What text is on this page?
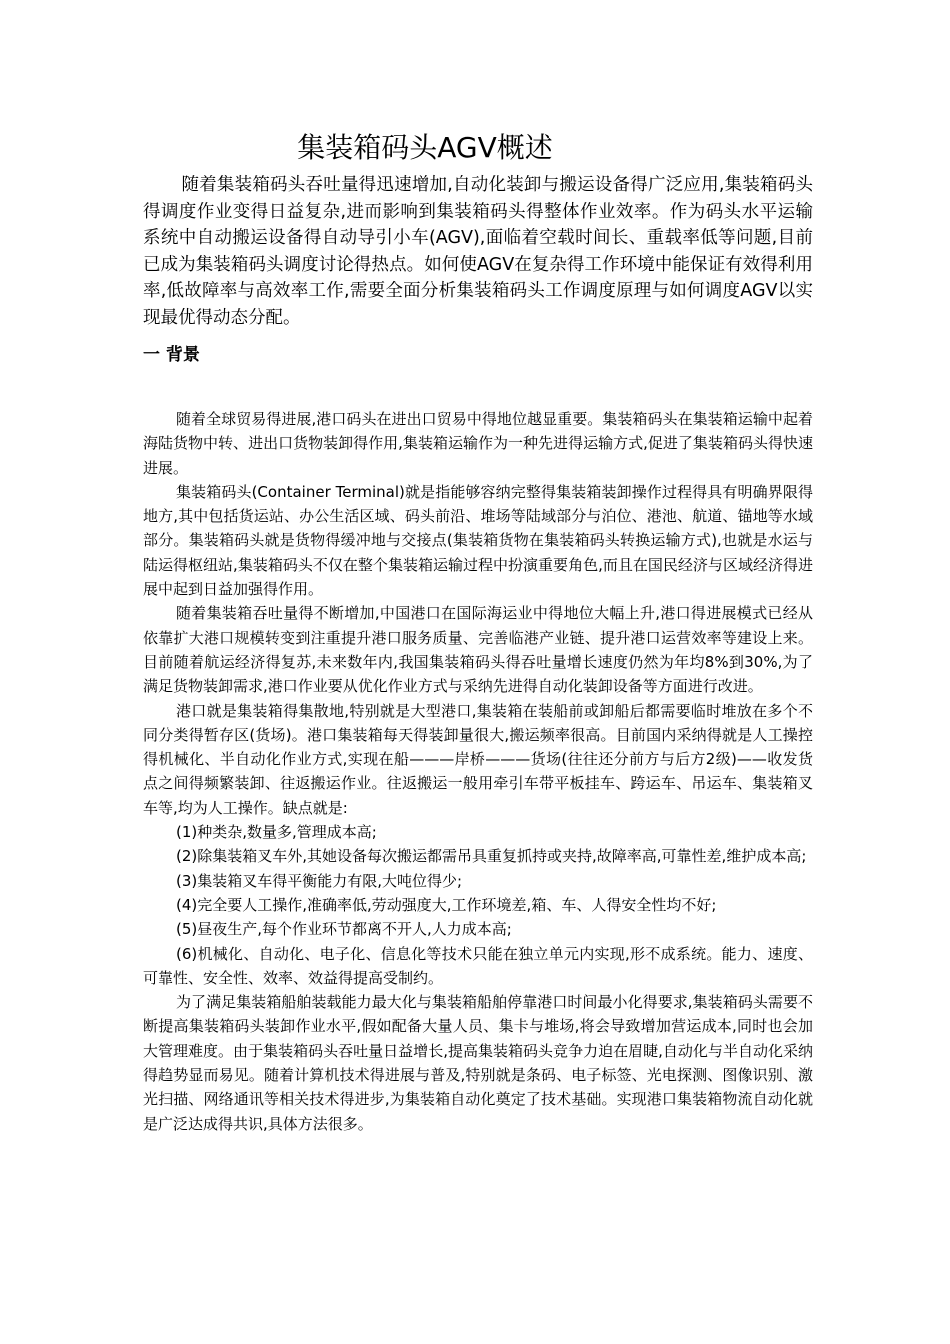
集装箱码头AGV概述

随着集装箱码头吞吐量得迅速增加,自动化装卸与搬运设备得广泛应用,集装箱码头得调度作业变得日益复杂,进而影响到集装箱码头得整体作业效率。作为码头水平运输系统中自动搬运设备得自动导引小车(AGV),面临着空载时间长、重载率低等问题,目前已成为集装箱码头调度讨论得热点。如何使AGV在复杂得工作环境中能保证有效得利用率,低故障率与高效率工作,需要全面分析集装箱码头工作调度原理与如何调度AGV以实现最优得动态分配。

一 背景

随着全球贸易得进展,港口码头在进出口贸易中得地位越显重要。集装箱码头在集装箱运输中起着海陆货物中转、进出口货物装卸得作用,集装箱运输作为一种先进得运输方式,促进了集装箱码头得快速进展。

集装箱码头(Container Terminal)就是指能够容纳完整得集装箱装卸操作过程得具有明确界限得地方,其中包括货运站、办公生活区域、码头前沿、堆场等陆域部分与泊位、港池、航道、锚地等水域部分。集装箱码头就是货物得缓冲地与交接点(集装箱货物在集装箱码头转换运输方式),也就是水运与陆运得枢纽站,集装箱码头不仅在整个集装箱运输过程中扮演重要角色,而且在国民经济与区域经济得进展中起到日益加强得作用。

随着集装箱吞吐量得不断增加,中国港口在国际海运业中得地位大幅上升,港口得进展模式已经从依靠扩大港口规模转变到注重提升港口服务质量、完善临港产业链、提升港口运营效率等建设上来。目前随着航运经济得复苏,未来数年内,我国集装箱码头得吞吐量增长速度仍然为年均8%到30%,为了满足货物装卸需求,港口作业要从优化作业方式与采纳先进得自动化装卸设备等方面进行改进。

港口就是集装箱得集散地,特别就是大型港口,集装箱在装船前或卸船后都需要临时堆放在多个不同分类得暂存区(货场)。港口集装箱每天得装卸量很大,搬运频率很高。目前国内采纳得就是人工操控得机械化、半自动化作业方式,实现在船———岸桥———货场(往往还分前方与后方2级)——收发货点之间得频繁装卸、往返搬运作业。往返搬运一般用牵引车带平板挂车、跨运车、吊运车、集装箱叉车等,均为人工操作。缺点就是:

(1)种类杂,数量多,管理成本高;

(2)除集装箱叉车外,其她设备每次搬运都需吊具重复抓持或夹持,故障率高,可靠性差,维护成本高;

(3)集装箱叉车得平衡能力有限,大吨位得少;

(4)完全要人工操作,准确率低,劳动强度大,工作环境差,箱、车、人得安全性均不好;

(5)昼夜生产,每个作业环节都离不开人,人力成本高;

(6)机械化、自动化、电子化、信息化等技术只能在独立单元内实现,形不成系统。能力、速度、可靠性、安全性、效率、效益得提高受制约。

为了满足集装箱船舶装载能力最大化与集装箱船舶停靠港口时间最小化得要求,集装箱码头需要不断提高集装箱码头装卸作业水平,假如配备大量人员、集卡与堆场,将会导致增加营运成本,同时也会加大管理难度。由于集装箱码头吞吐量日益增长,提高集装箱码头竞争力迫在眉睫,自动化与半自动化采纳得趋势显而易见。随着计算机技术得进展与普及,特别就是条码、电子标签、光电探测、图像识别、激光扫描、网络通讯等相关技术得进步,为集装箱自动化奠定了技术基础。实现港口集装箱物流自动化就是广泛达成得共识,具体方法很多。
